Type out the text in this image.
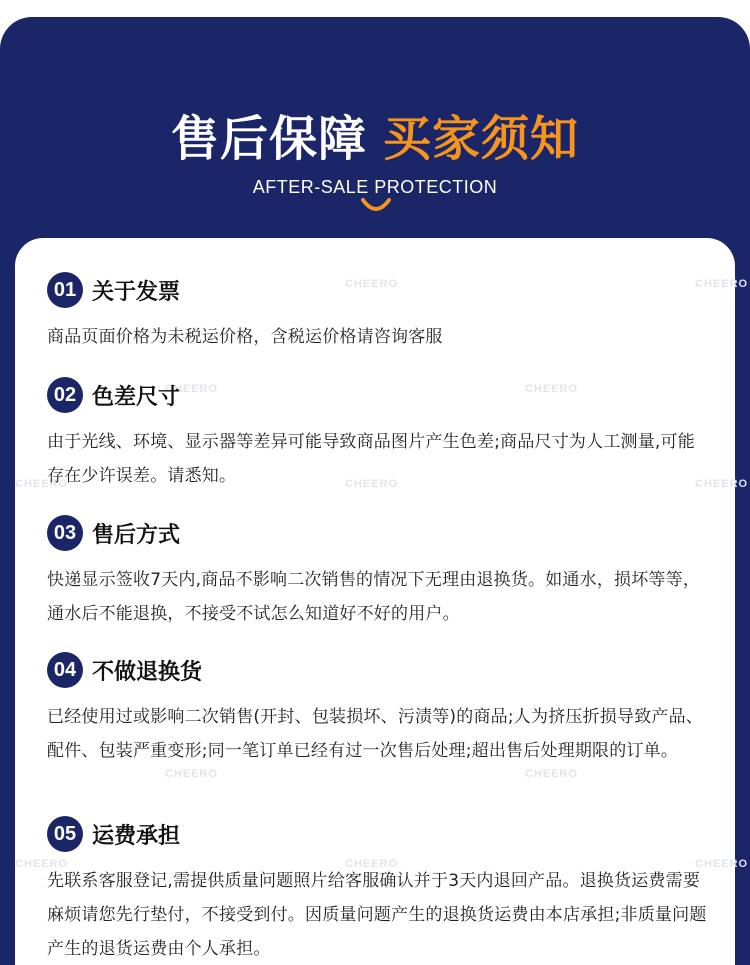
售后保障 买家须知
AFTER-SALE PROTECTION
CHEERO	CHEERO
CHEERO	CHEERO
CHEERO	CHEERO	CHEERO
CHEERO	CHEERO
CHEERO	CHEERO	CHEERO
01 关于发票
商品页面价格为未税运价格，含税运价格请咨询客服
02 色差尺寸
由于光线、环境、显示器等差异可能导致商品图片产生色差;商品尺寸为人工测量,可能存在少许误差。请悉知。
03 售后方式
快递显示签收7天内,商品不影响二次销售的情况下无理由退换货。如通水，损坏等等，通水后不能退换，不接受不试怎么知道好不好的用户。
04 不做退换货
已经使用过或影响二次销售(开封、包装损坏、污渍等)的商品;人为挤压折损导致产品、配件、包装严重变形;同一笔订单已经有过一次售后处理;超出售后处理期限的订单。
05 运费承担
先联系客服登记,需提供质量问题照片给客服确认并于3天内退回产品。退换货运费需要麻烦请您先行垫付，不接受到付。因质量问题产生的退换货运费由本店承担;非质量问题产生的退货运费由个人承担。
